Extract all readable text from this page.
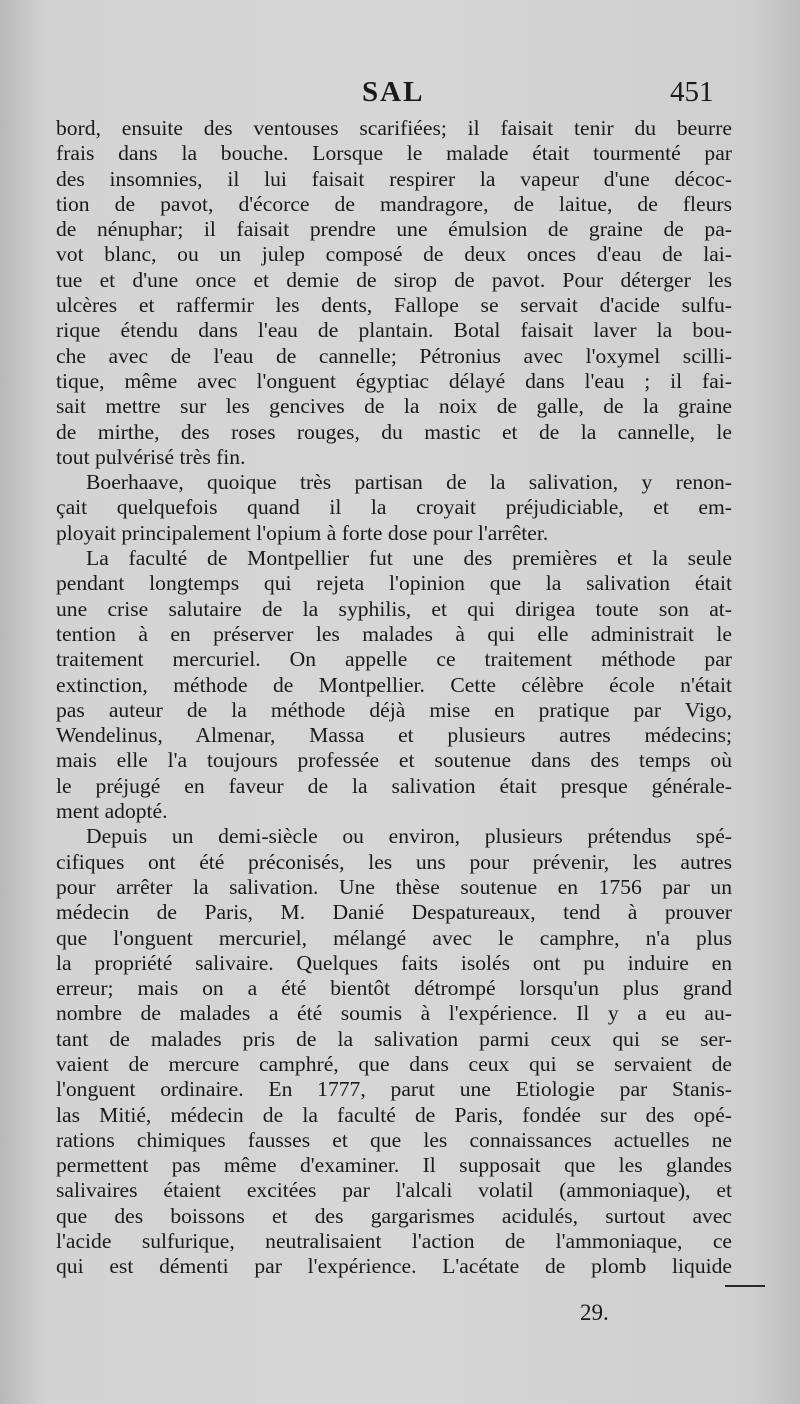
SAL	451

bord, ensuite des ventouses scarifiées; il faisait tenir du beurre

frais dans la bouche. Lorsque le malade était tourmenté par

des insomnies, il lui faisait respirer la vapeur d'une décoc-

tion de pavot, d'écorce de mandragore, de laitue, de fleurs

de nénuphar; il faisait prendre une émulsion de graine de pa-

vot blanc, ou un julep composé de deux onces d'eau de lai-

tue et d'une once et demie de sirop de pavot. Pour déterger les

ulcères et raffermir les dents, Fallope se servait d'acide sulfu-

rique étendu dans l'eau de plantain. Botal faisait laver la bou-

che avec de l'eau de cannelle; Pétronius avec l'oxymel scilli-

tique, même avec l'onguent égyptiac délayé dans l'eau ; il fai-

sait mettre sur les gencives de la noix de galle, de la graine

de mirthe, des roses rouges, du mastic et de la cannelle, le

tout pulvérisé très fin.

Boerhaave, quoique très partisan de la salivation, y renon-

çait quelquefois quand il la croyait préjudiciable, et em-

ployait principalement l'opium à forte dose pour l'arrêter.

La faculté de Montpellier fut une des premières et la seule

pendant longtemps qui rejeta l'opinion que la salivation était

une crise salutaire de la syphilis, et qui dirigea toute son at-

tention à en préserver les malades à qui elle administrait le

traitement mercuriel. On appelle ce traitement méthode par

extinction, méthode de Montpellier. Cette célèbre école n'était

pas auteur de la méthode déjà mise en pratique par Vigo,

Wendelinus, Almenar, Massa et plusieurs autres médecins;

mais elle l'a toujours professée et soutenue dans des temps où

le préjugé en faveur de la salivation était presque générale-

ment adopté.

Depuis un demi-siècle ou environ, plusieurs prétendus spé-

cifiques ont été préconisés, les uns pour prévenir, les autres

pour arrêter la salivation. Une thèse soutenue en 1756 par un

médecin de Paris, M. Danié Despatureaux, tend à prouver

que l'onguent mercuriel, mélangé avec le camphre, n'a plus

la propriété salivaire. Quelques faits isolés ont pu induire en

erreur; mais on a été bientôt détrompé lorsqu'un plus grand

nombre de malades a été soumis à l'expérience. Il y a eu au-

tant de malades pris de la salivation parmi ceux qui se ser-

vaient de mercure camphré, que dans ceux qui se servaient de

l'onguent ordinaire. En 1777, parut une Etiologie par Stanis-

las Mitié, médecin de la faculté de Paris, fondée sur des opé-

rations chimiques fausses et que les connaissances actuelles ne

permettent pas même d'examiner. Il supposait que les glandes

salivaires étaient excitées par l'alcali volatil (ammoniaque), et

que des boissons et des gargarismes acidulés, surtout avec

l'acide sulfurique, neutralisaient l'action de l'ammoniaque, ce

qui est démenti par l'expérience. L'acétate de plomb liquide

29.
